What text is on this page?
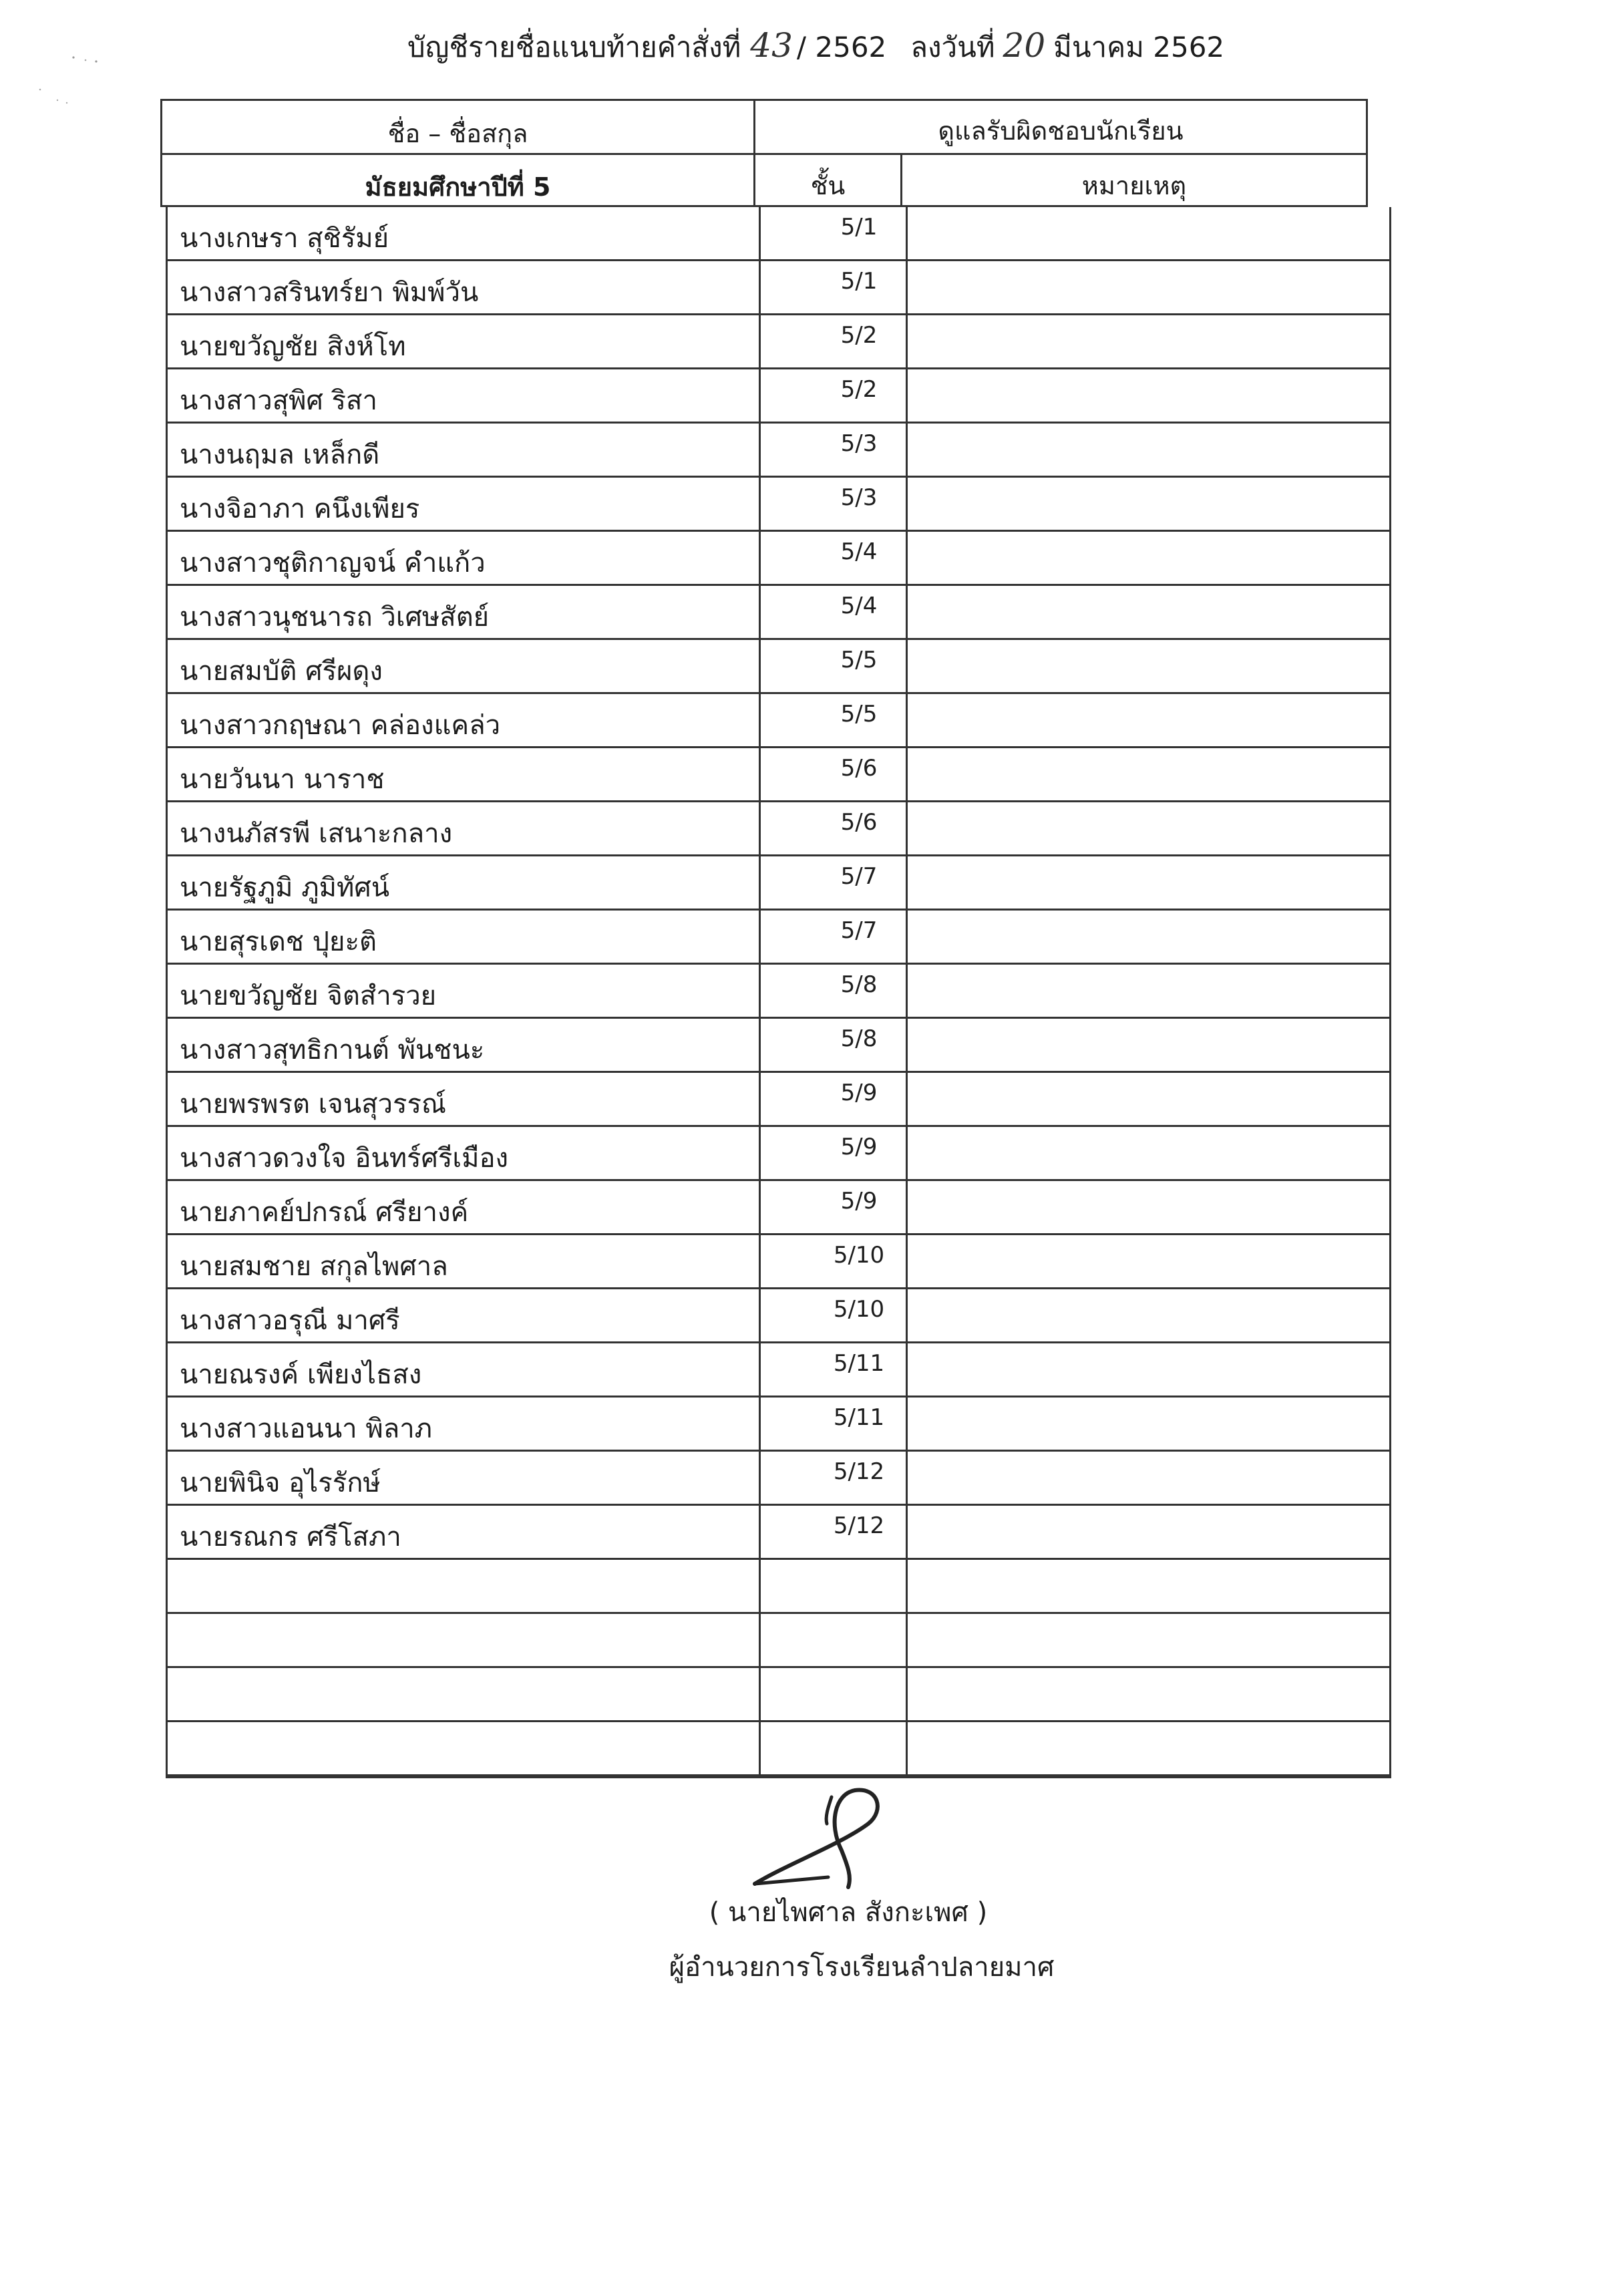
บัญชีรายชื่อแนบท้ายคำสั่งที่ 43 / 2562 ลงวันที่ 20 มีนาคม 2562
ชื่อ – ชื่อสกุล	ดูแลรับผิดชอบนักเรียน
มัธยมศึกษาปีที่ 5	ชั้น	หมายเหตุ
นางเกษรา สุชิรัมย์	5/1
นางสาวสรินทร์ยา พิมพ์วัน	5/1
นายขวัญชัย สิงห์โท	5/2
นางสาวสุพิศ ริสา	5/2
นางนฤมล เหล็กดี	5/3
นางจิอาภา คนึงเพียร	5/3
นางสาวชุติกาญจน์ คำแก้ว	5/4
นางสาวนุชนารถ วิเศษสัตย์	5/4
นายสมบัติ ศรีผดุง	5/5
นางสาวกฤษณา คล่องแคล่ว	5/5
นายวันนา นาราช	5/6
นางนภัสรพี เสนาะกลาง	5/6
นายรัฐภูมิ ภูมิทัศน์	5/7
นายสุรเดช ปุยะติ	5/7
นายขวัญชัย จิตสำรวย	5/8
นางสาวสุทธิกานต์ พันชนะ	5/8
นายพรพรต เจนสุวรรณ์	5/9
นางสาวดวงใจ อินทร์ศรีเมือง	5/9
นายภาคย์ปกรณ์ ศรียางค์	5/9
นายสมชาย สกุลไพศาล	5/10
นางสาวอรุณี มาศรี	5/10
นายณรงค์ เพียงไธสง	5/11
นางสาวแอนนา พิลาภ	5/11
นายพินิจ อุไรรักษ์	5/12
นายรณกร ศรีโสภา	5/12
( นายไพศาล สังกะเพศ )
ผู้อำนวยการโรงเรียนลำปลายมาศ
